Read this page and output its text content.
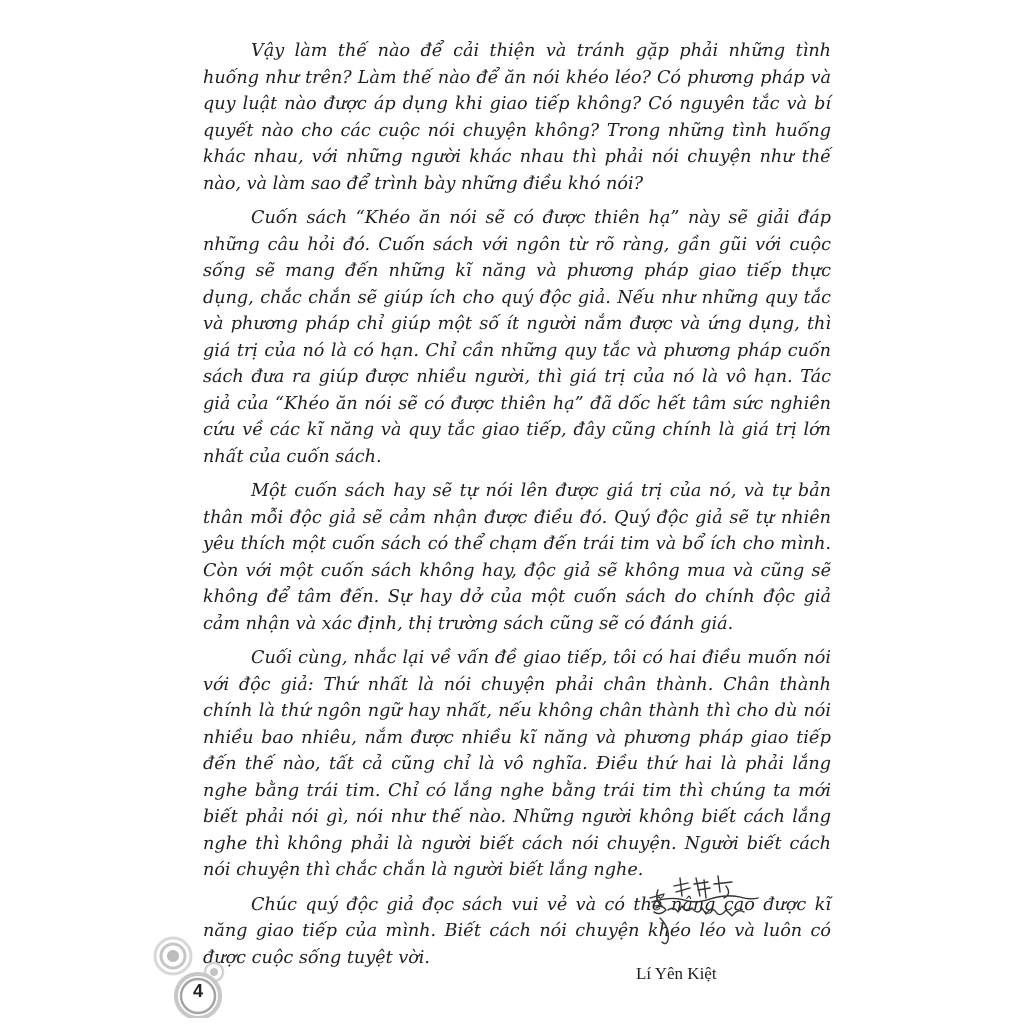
Vậy làm thế nào để cải thiện và tránh gặp phải những tình huống như trên? Làm thế nào để ăn nói khéo léo? Có phương pháp và quy luật nào được áp dụng khi giao tiếp không? Có nguyên tắc và bí quyết nào cho các cuộc nói chuyện không? Trong những tình huống khác nhau, với những người khác nhau thì phải nói chuyện như thế nào, và làm sao để trình bày những điều khó nói?

Cuốn sách “Khéo ăn nói sẽ có được thiên hạ” này sẽ giải đáp những câu hỏi đó. Cuốn sách với ngôn từ rõ ràng, gần gũi với cuộc sống sẽ mang đến những kĩ năng và phương pháp giao tiếp thực dụng, chắc chắn sẽ giúp ích cho quý độc giả. Nếu như những quy tắc và phương pháp chỉ giúp một số ít người nắm được và ứng dụng, thì giá trị của nó là có hạn. Chỉ cần những quy tắc và phương pháp cuốn sách đưa ra giúp được nhiều người, thì giá trị của nó là vô hạn. Tác giả của “Khéo ăn nói sẽ có được thiên hạ” đã dốc hết tâm sức nghiên cứu về các kĩ năng và quy tắc giao tiếp, đây cũng chính là giá trị lớn nhất của cuốn sách.

Một cuốn sách hay sẽ tự nói lên được giá trị của nó, và tự bản thân mỗi độc giả sẽ cảm nhận được điều đó. Quý độc giả sẽ tự nhiên yêu thích một cuốn sách có thể chạm đến trái tim và bổ ích cho mình. Còn với một cuốn sách không hay, độc giả sẽ không mua và cũng sẽ không để tâm đến. Sự hay dở của một cuốn sách do chính độc giả cảm nhận và xác định, thị trường sách cũng sẽ có đánh giá.

Cuối cùng, nhắc lại về vấn đề giao tiếp, tôi có hai điều muốn nói với độc giả: Thứ nhất là nói chuyện phải chân thành. Chân thành chính là thứ ngôn ngữ hay nhất, nếu không chân thành thì cho dù nói nhiều bao nhiêu, nắm được nhiều kĩ năng và phương pháp giao tiếp đến thế nào, tất cả cũng chỉ là vô nghĩa. Điều thứ hai là phải lắng nghe bằng trái tim. Chỉ có lắng nghe bằng trái tim thì chúng ta mới biết phải nói gì, nói như thế nào. Những người không biết cách lắng nghe thì không phải là người biết cách nói chuyện. Người biết cách nói chuyện thì chắc chắn là người biết lắng nghe.

Chúc quý độc giả đọc sách vui vẻ và có thể nâng cao được kĩ năng giao tiếp của mình. Biết cách nói chuyện khéo léo và luôn có được cuộc sống tuyệt vời.

Lí Yên Kiệt
4
